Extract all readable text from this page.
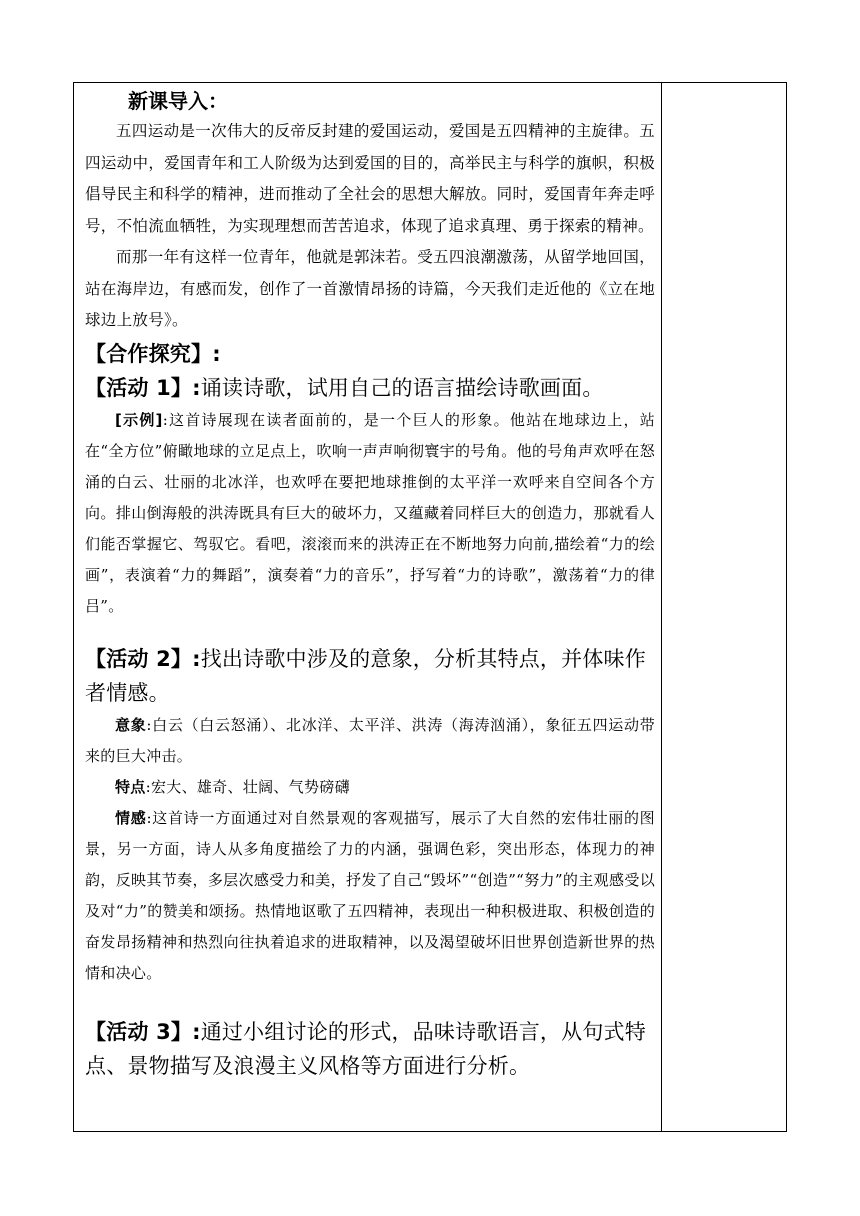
新课导入：

五四运动是一次伟大的反帝反封建的爱国运动，爱国是五四精神的主旋律。五四运动中，爱国青年和工人阶级为达到爱国的目的，高举民主与科学的旗帜，积极倡导民主和科学的精神，进而推动了全社会的思想大解放。同时，爱国青年奔走呼号，不怕流血牺牲，为实现理想而苦苦追求，体现了追求真理、勇于探索的精神。

而那一年有这样一位青年，他就是郭沫若。受五四浪潮激荡，从留学地回国，站在海岸边，有感而发，创作了一首激情昂扬的诗篇，今天我们走近他的《立在地球边上放号》。

【合作探究】:

【活动 1】:诵读诗歌，试用自己的语言描绘诗歌画面。

[示例]:这首诗展现在读者面前的，是一个巨人的形象。他站在地球边上，站在“全方位”俯瞰地球的立足点上，吹响一声声响彻寰宇的号角。他的号角声欢呼在怒涌的白云、壮丽的北冰洋，也欢呼在要把地球推倒的太平洋一欢呼来自空间各个方向。排山倒海般的洪涛既具有巨大的破坏力，又蕴藏着同样巨大的创造力，那就看人们能否掌握它、驾驭它。看吧，滚滚而来的洪涛正在不断地努力向前,描绘着“力的绘画”，表演着“力的舞蹈”，演奏着“力的音乐”，抒写着“力的诗歌”，激荡着“力的律吕”。

【活动 2】:找出诗歌中涉及的意象，分析其特点，并体味作者情感。

意象:白云（白云怒涌）、北冰洋、太平洋、洪涛（海涛汹涌），象征五四运动带来的巨大冲击。

特点:宏大、雄奇、壮阔、气势磅礴

情感:这首诗一方面通过对自然景观的客观描写，展示了大自然的宏伟壮丽的图景，另一方面，诗人从多角度描绘了力的内涵，强调色彩，突出形态，体现力的神韵，反映其节奏，多层次感受力和美，抒发了自己“毁坏”“创造”“努力”的主观感受以及对“力”的赞美和颂扬。热情地讴歌了五四精神，表现出一种积极进取、积极创造的奋发昂扬精神和热烈向往执着追求的进取精神，以及渴望破坏旧世界创造新世界的热情和决心。

【活动 3】:通过小组讨论的形式，品味诗歌语言，从句式特点、景物描写及浪漫主义风格等方面进行分析。
